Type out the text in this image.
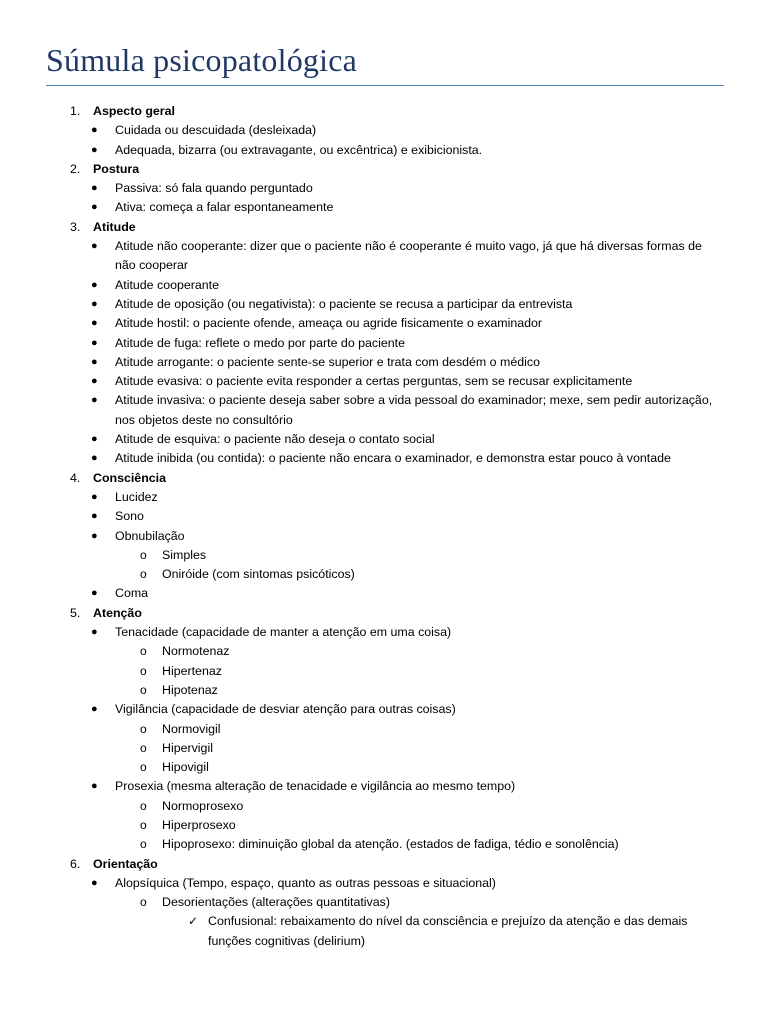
Súmula psicopatológica
1. Aspecto geral
● Cuidada ou descuidada (desleixada)
● Adequada, bizarra (ou extravagante, ou excêntrica) e exibicionista.
2. Postura
● Passiva: só fala quando perguntado
● Ativa: começa a falar espontaneamente
3. Atitude
● Atitude não cooperante: dizer que o paciente não é cooperante é muito vago, já que há diversas formas de não cooperar
● Atitude cooperante
● Atitude de oposição (ou negativista): o paciente se recusa a participar da entrevista
● Atitude hostil: o paciente ofende, ameaça ou agride fisicamente o examinador
● Atitude de fuga: reflete o medo por parte do paciente
● Atitude arrogante: o paciente sente-se superior e trata com desdém o médico
● Atitude evasiva: o paciente evita responder a certas perguntas, sem se recusar explicitamente
● Atitude invasiva: o paciente deseja saber sobre a vida pessoal do examinador; mexe, sem pedir autorização, nos objetos deste no consultório
● Atitude de esquiva: o paciente não deseja o contato social
● Atitude inibida (ou contida): o paciente não encara o examinador, e demonstra estar pouco à vontade
4. Consciência
● Lucidez
● Sono
● Obnubilação
o Simples
o Oniróide (com sintomas psicóticos)
● Coma
5. Atenção
● Tenacidade (capacidade de manter a atenção em uma coisa)
o Normotenaz
o Hipertenaz
o Hipotenaz
● Vigilância (capacidade de desviar atenção para outras coisas)
o Normovigil
o Hipervigil
o Hipovigil
● Prosexia (mesma alteração de tenacidade e vigilância ao mesmo tempo)
o Normoprosexo
o Hiperprosexo
o Hipoprosexo: diminuição global da atenção. (estados de fadiga, tédio e sonolência)
6. Orientação
● Alopsíquica (Tempo, espaço, quanto as outras pessoas e situacional)
o Desorientações (alterações quantitativas)
✓ Confusional: rebaixamento do nível da consciência e prejuízo da atenção e das demais funções cognitivas (delirium)
